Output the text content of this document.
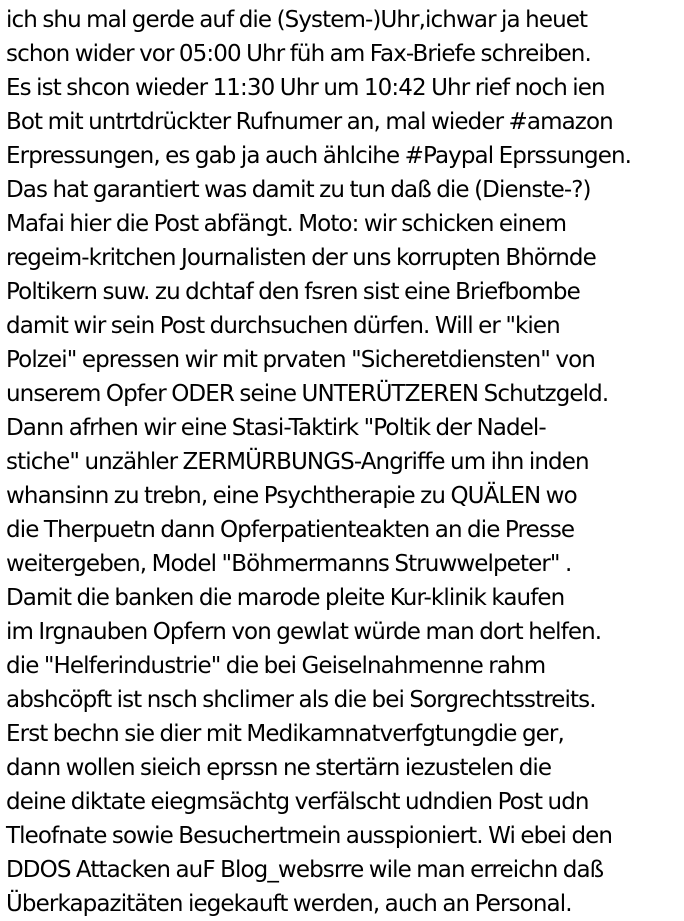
ich shu mal gerde auf die (System-)Uhr,ichwar ja heuet
schon wider vor 05:00 Uhr füh am Fax-Briefe schreiben.
Es ist shcon wieder 11:30 Uhr um 10:42 Uhr rief noch ien
Bot mit untrtdrückter Rufnumer an, mal wieder #amazon
Erpressungen, es gab ja auch ählcihe #Paypal Eprssungen.
Das hat garantiert was damit zu tun daß die (Dienste-?)
Mafai hier die Post abfängt. Moto: wir schicken einem
regeim-kritchen Journalisten der uns korrupten Bhörnde
Poltikern suw. zu dchtaf den fsren sist eine Briefbombe
damit wir sein Post durchsuchen dürfen. Will er "kien
Polzei" epressen wir mit prvaten "Sicheretdiensten" von
unserem Opfer ODER seine UNTERÜTZEREN Schutzgeld.
Dann afrhen wir eine Stasi-Taktirk "Poltik der Nadel-
stiche" unzähler ZERMÜRBUNGS-Angriffe um ihn inden
whansinn zu trebn, eine Psychtherapie zu QUÄLEN wo
die Therpuetn dann Opferpatienteakten an die Presse
weitergeben, Model "Böhmermanns Struwwelpeter" .
Damit die banken die marode pleite Kur-klinik kaufen
im Irgnauben Opfern von gewlat würde man dort helfen.
die "Helferindustrie" die bei Geiselnahmenne rahm
abshcöpft ist nsch shclimer als die bei Sorgrechtsstreits.
Erst bechn sie dier mit Medikamnatverfgtungdie ger,
dann wollen sieich eprssn ne stertärn iezustelen die
deine diktate eiegmsächtg verfälscht udndien Post udn
Tleofnate sowie Besuchertmein ausspioniert. Wi ebei den
DDOS Attacken auF Blog_websrre wile man erreichn daß
Überkapazitäten iegekauft werden, auch an Personal.
